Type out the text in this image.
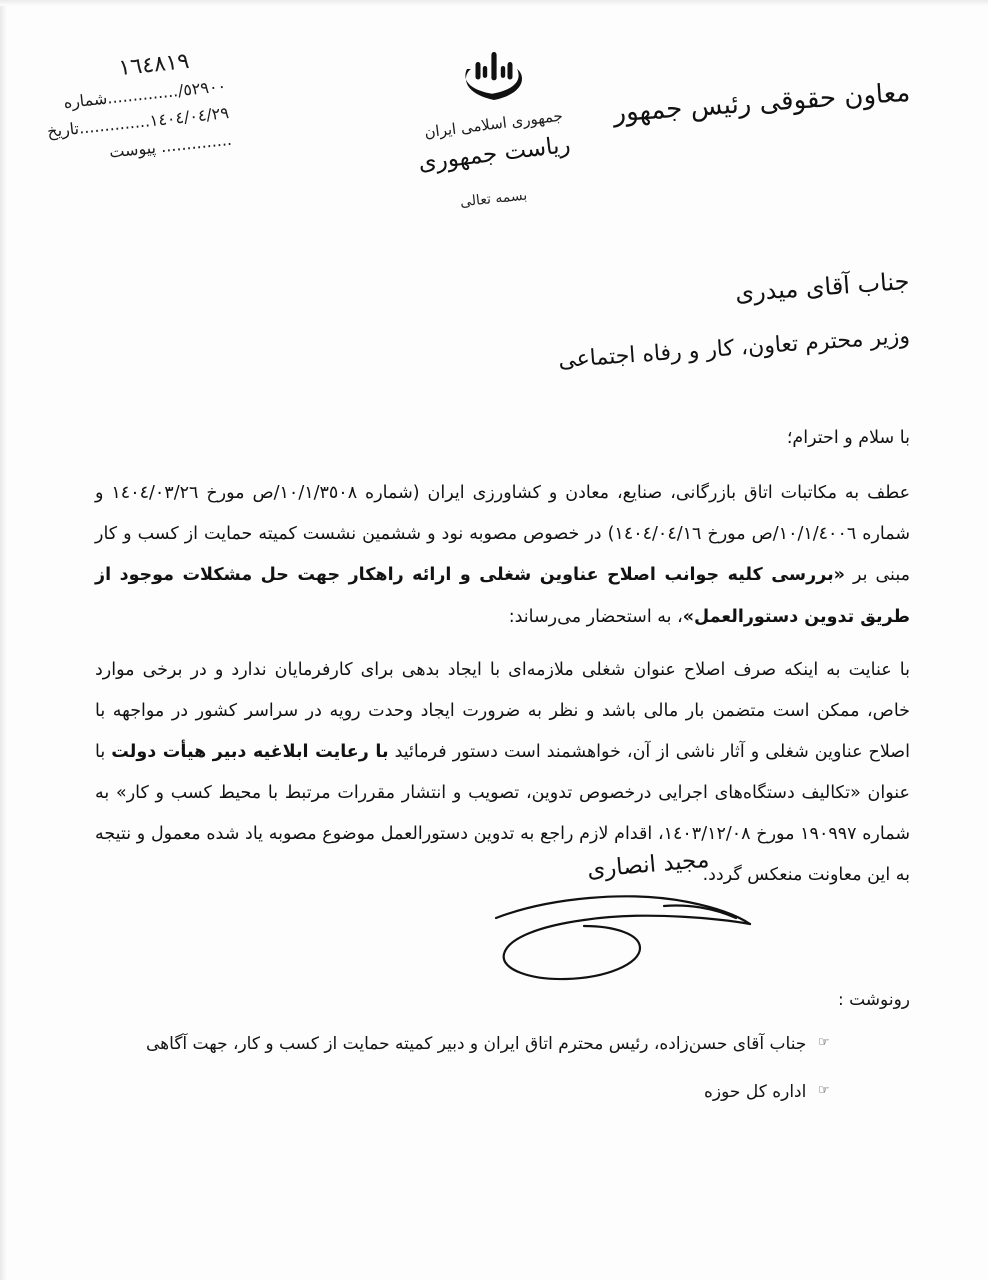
١٦٤٨١٩
٥٢٩٠٠/..............شماره
١٤٠٤/٠٤/٢٩..............تاریخ
.............. پیوست
جمهوری اسلامی ایران
ریاست جمهوری
بسمه تعالی
معاون حقوقی رئیس جمهور
جناب آقای میدری
وزیر محترم تعاون، کار و رفاه اجتماعی
با سلام و احترام؛

عطف به مکاتبات اتاق بازرگانی، صنایع، معادن و کشاورزی ایران (شماره ١٠/١/٣٥٠٨/ص مورخ ١٤٠٤/٠٣/٢٦ و شماره ١٠/١/٤٠٠٦/ص مورخ ١٤٠٤/٠٤/١٦) در خصوص مصوبه نود و ششمین نشست کمیته حمایت از کسب و کار مبنی بر «بررسی کلیه جوانب اصلاح عناوین شغلی و ارائه راهکار جهت حل مشکلات موجود از طریق تدوین دستورالعمل»، به استحضار می‌رساند:

با عنایت به اینکه صرف اصلاح عنوان شغلی ملازمه‌ای با ایجاد بدهی برای کارفرمایان ندارد و در برخی موارد خاص، ممکن است متضمن بار مالی باشد و نظر به ضرورت ایجاد وحدت رویه در سراسر کشور در مواجهه با اصلاح عناوین شغلی و آثار ناشی از آن، خواهشمند است دستور فرمائید با رعایت ابلاغیه دبیر هیأت دولت با عنوان «تکالیف دستگاه‌های اجرایی درخصوص تدوین، تصویب و انتشار مقررات مرتبط با محیط کسب و کار» به شماره ١٩٠٩٩٧ مورخ ١٤٠٣/١٢/٠٨، اقدام لازم راجع به تدوین دستورالعمل موضوع مصوبه یاد شده معمول و نتیجه به این معاونت منعکس گردد.

مجید انصاری
رونوشت :
☜
جناب آقای حسن‌زاده، رئیس محترم اتاق ایران و دبیر کمیته حمایت از کسب و کار، جهت آگاهی
☜
اداره کل حوزه
